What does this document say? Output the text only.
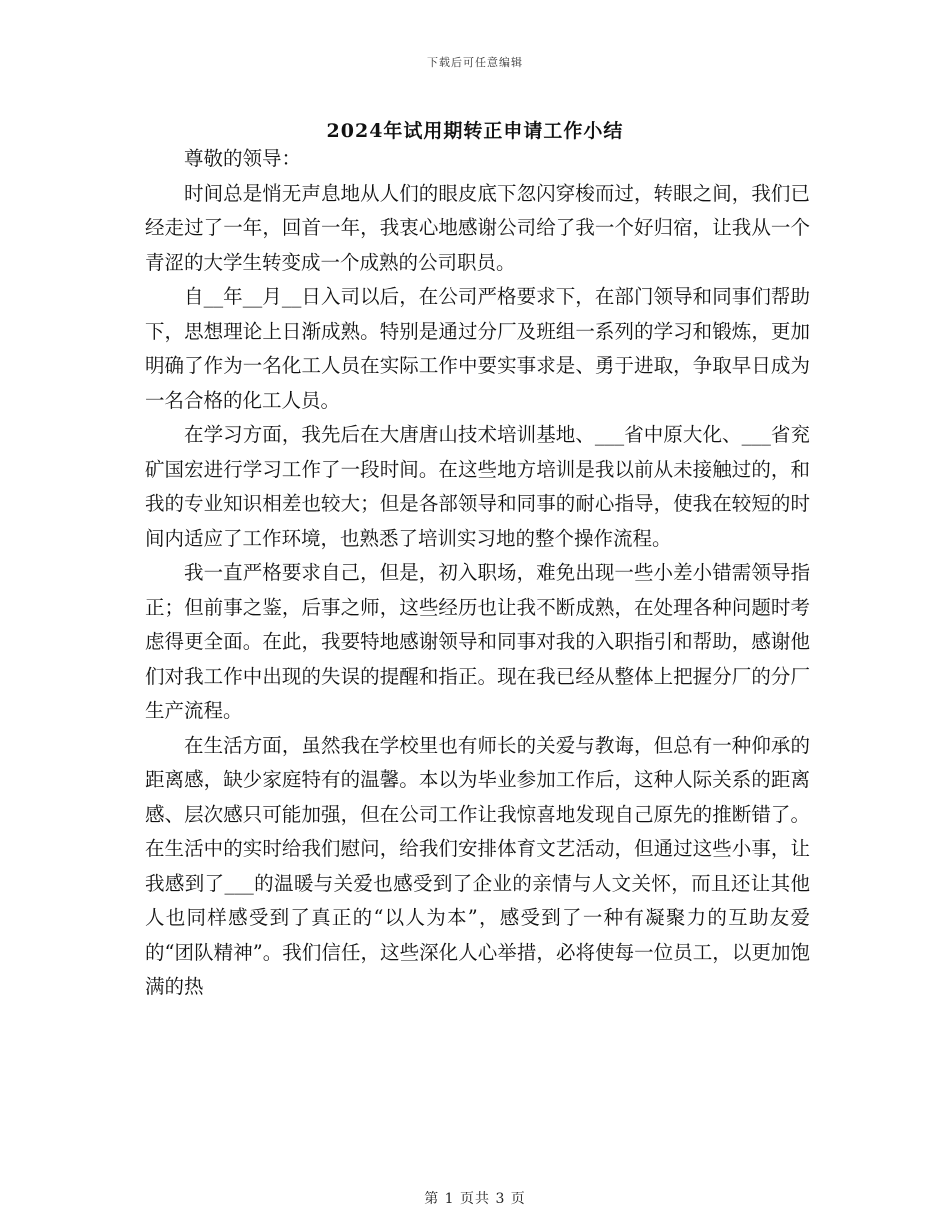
下载后可任意编辑
2024年试用期转正申请工作小结

尊敬的领导：

时间总是悄无声息地从人们的眼皮底下忽闪穿梭而过，转眼之间，我们已经走过了一年，回首一年，我衷心地感谢公司给了我一个好归宿，让我从一个青涩的大学生转变成一个成熟的公司职员。

自__年__月__日入司以后，在公司严格要求下，在部门领导和同事们帮助下，思想理论上日渐成熟。特别是通过分厂及班组一系列的学习和锻炼，更加明确了作为一名化工人员在实际工作中要实事求是、勇于进取，争取早日成为一名合格的化工人员。

在学习方面，我先后在大唐唐山技术培训基地、___省中原大化、___省兖矿国宏进行学习工作了一段时间。在这些地方培训是我以前从未接触过的，和我的专业知识相差也较大；但是各部领导和同事的耐心指导，使我在较短的时间内适应了工作环境，也熟悉了培训实习地的整个操作流程。

我一直严格要求自己，但是，初入职场，难免出现一些小差小错需领导指正；但前事之鉴，后事之师，这些经历也让我不断成熟，在处理各种问题时考虑得更全面。在此，我要特地感谢领导和同事对我的入职指引和帮助，感谢他们对我工作中出现的失误的提醒和指正。现在我已经从整体上把握分厂的分厂生产流程。

在生活方面，虽然我在学校里也有师长的关爱与教诲，但总有一种仰承的距离感，缺少家庭特有的温馨。本以为毕业参加工作后，这种人际关系的距离感、层次感只可能加强，但在公司工作让我惊喜地发现自己原先的推断错了。在生活中的实时给我们慰问，给我们安排体育文艺活动，但通过这些小事，让我感到了___的温暖与关爱也感受到了企业的亲情与人文关怀，而且还让其他人也同样感受到了真正的“以人为本”，感受到了一种有凝聚力的互助友爱的“团队精神”。我们信任，这些深化人心举措，必将使每一位员工，以更加饱满的热

第 1 页共 3 页
